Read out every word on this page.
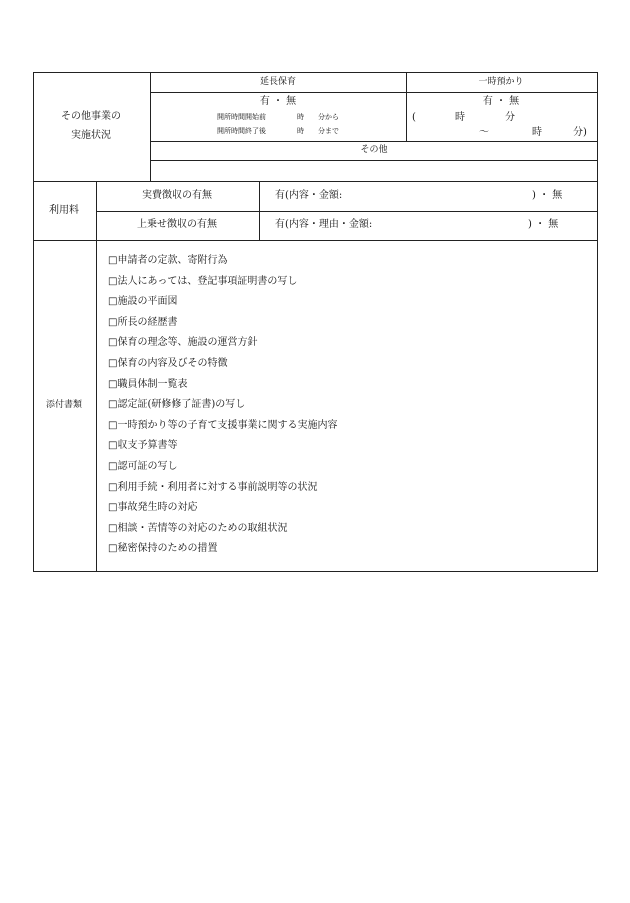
その他事業の
実施状況
延長保育
有 ・ 無
開所時間開始前	時 分から
開所時間終了後	時 分まで
一時預かり
有 ・ 無
(	時	分
～	時	分)
その他
利用料
実費徴収の有無	有(内容・金額:	) ・ 無
上乗せ徴収の有無	有(内容・理由・金額:	) ・ 無
添付書類
□申請者の定款、寄附行為
□法人にあっては、登記事項証明書の写し
□施設の平面図
□所長の経歴書
□保育の理念等、施設の運営方針
□保育の内容及びその特徴
□職員体制一覧表
□認定証(研修修了証書)の写し
□一時預かり等の子育て支援事業に関する実施内容
□収支予算書等
□認可証の写し
□利用手続・利用者に対する事前説明等の状況
□事故発生時の対応
□相談・苦情等の対応のための取組状況
□秘密保持のための措置
